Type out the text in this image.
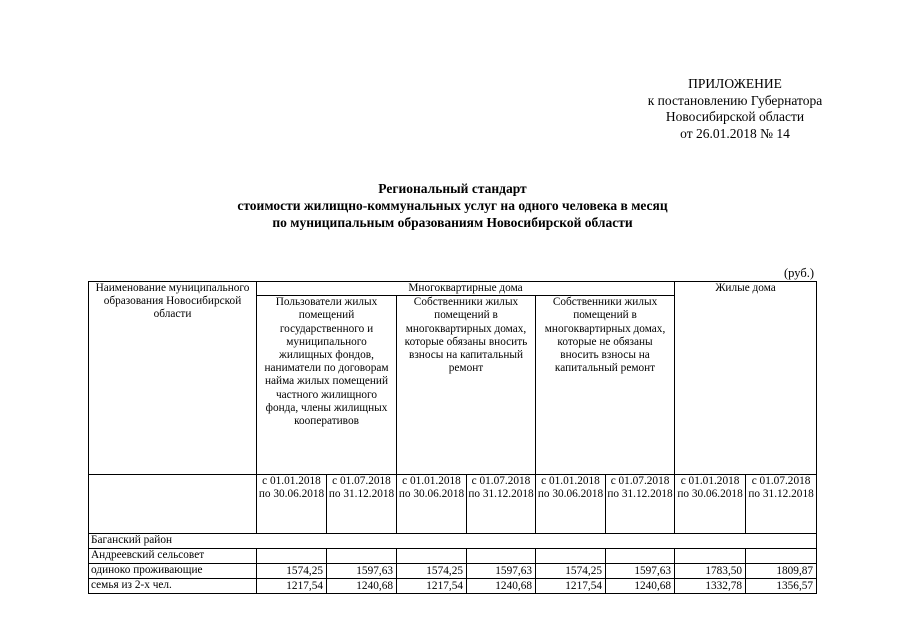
ПРИЛОЖЕНИЕ
к постановлению Губернатора
Новосибирской области
от 26.01.2018 № 14
Региональный стандарт
стоимости жилищно-коммунальных услуг на одного человека в месяц
по муниципальным образованиям Новосибирской области
(руб.)
Наименование муниципального образования Новосибирской области	Многоквартирные дома						Жилые дома	
	Пользователи жилых помещений государственного и муниципального жилищных фондов, наниматели по договорам найма жилых помещений частного жилищного фонда, члены жилищных кооперативов		Собственники жилых помещений в многоквартирных домах, которые обязаны вносить взносы на капитальный ремонт		Собственники жилых помещений в многоквартирных домах, которые не обязаны вносить взносы на капитальный ремонт			
	с 01.01.2018 по 30.06.2018	с 01.07.2018 по 31.12.2018	с 01.01.2018 по 30.06.2018	с 01.07.2018 по 31.12.2018	с 01.01.2018 по 30.06.2018	с 01.07.2018 по 31.12.2018	с 01.01.2018 по 30.06.2018	с 01.07.2018 по 31.12.2018
Баганский район								
Андреевский сельсовет								
одиноко проживающие	1574,25	1597,63	1574,25	1597,63	1574,25	1597,63	1783,50	1809,87
семья из 2-х чел.	1217,54	1240,68	1217,54	1240,68	1217,54	1240,68	1332,78	1356,57
